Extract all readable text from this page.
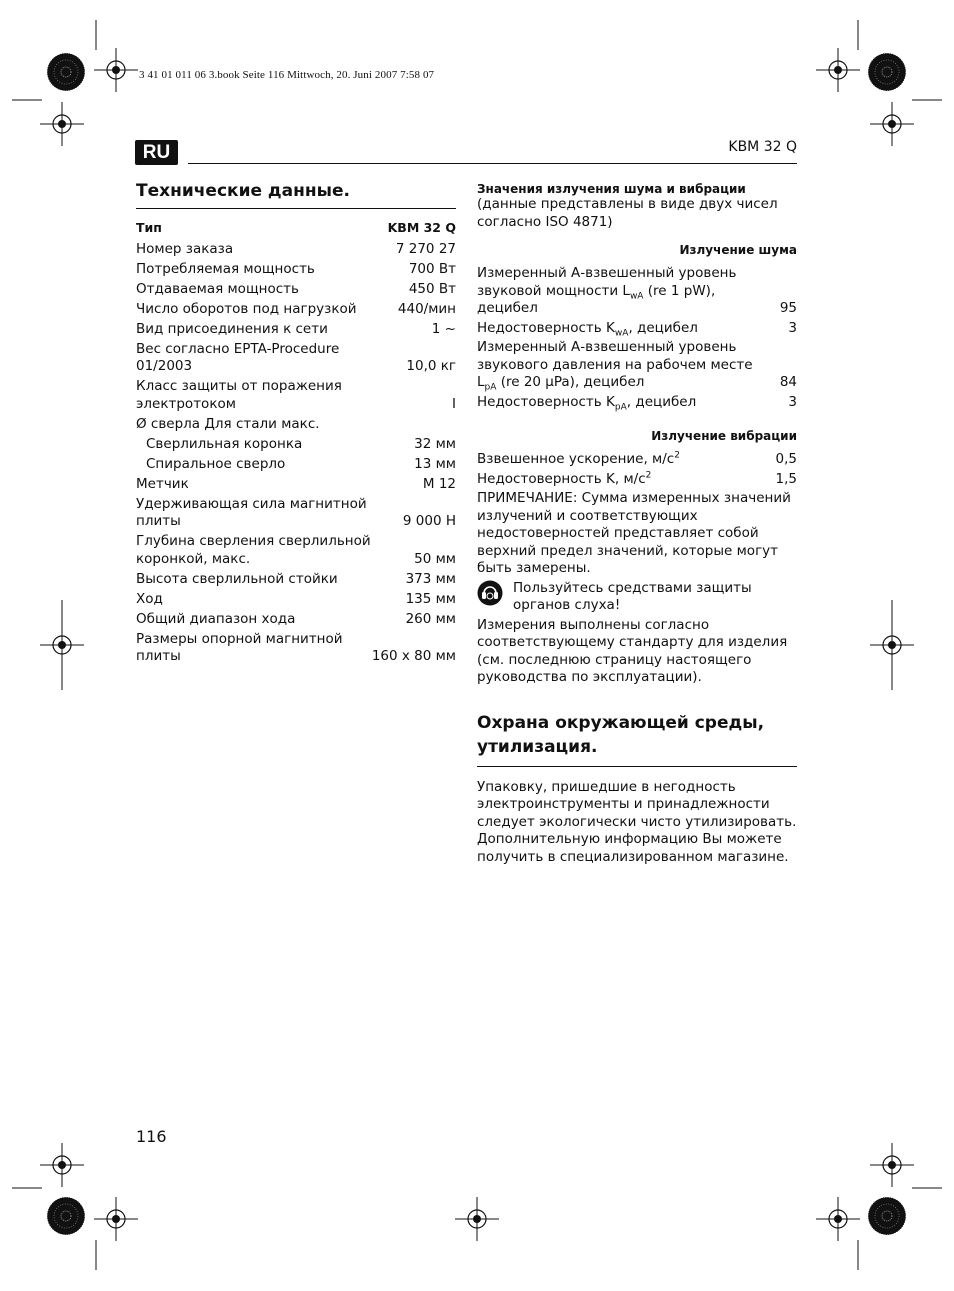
3 41 01 011 06 3.book Seite 116 Mittwoch, 20. Juni 2007 7:58 07
RU	KBM 32 Q
Технические данные.
Тип	KBM 32 Q
Номер заказа	7 270 27
Потребляемая мощность	700 Вт
Отдаваемая мощность	450 Вт
Число оборотов под нагрузкой	440/мин
Вид присоединения к сети	1 ~
Вес согласно EPTA-Procedure 01/2003	10,0 кг
Класс защиты от поражения электротоком	I
Ø сверла Для стали макс.
Сверлильная коронка	32 мм
Спиральное сверло	13 мм
Метчик	M 12
Удерживающая сила магнитной плиты	9 000 Н
Глубина сверления сверлильной коронкой, макс.	50 мм
Высота сверлильной стойки	373 мм
Ход	135 мм
Общий диапазон хода	260 мм
Размеры опорной магнитной плиты	160 x 80 мм
Значения излучения шума и вибрации

(данные представлены в виде двух чисел согласно ISO 4871)

Излучение шума
Измеренный А-взвешенный уровень звуковой мощности $L_{wA}$ (re 1 pW), децибел	95
Недостоверность $K_{wA}$, децибел	3
Измеренный А-взвешенный уровень звукового давления на рабочем месте $L_{pA}$ (re 20 µPa), децибел	84
Недостоверность $K_{pA}$, децибел	3
Излучение вибрации
Взвешенное ускорение, $м/с^2$	0,5
Недостоверность K, $м/с^2$	1,5

ПРИМЕЧАНИЕ: Сумма измеренных значений излучений и соответствующих недостоверностей представляет собой верхний предел значений, которые могут быть замерены.

Пользуйтесь средствами защиты органов слуха!

Измерения выполнены согласно соответствующему стандарту для изделия (см. последнюю страницу настоящего руководства по эксплуатации).

Охрана окружающей среды, утилизация.

Упаковку, пришедшие в негодность электроинструменты и принадлежности следует экологически чисто утилизировать. Дополнительную информацию Вы можете получить в специализированном магазине.

116
